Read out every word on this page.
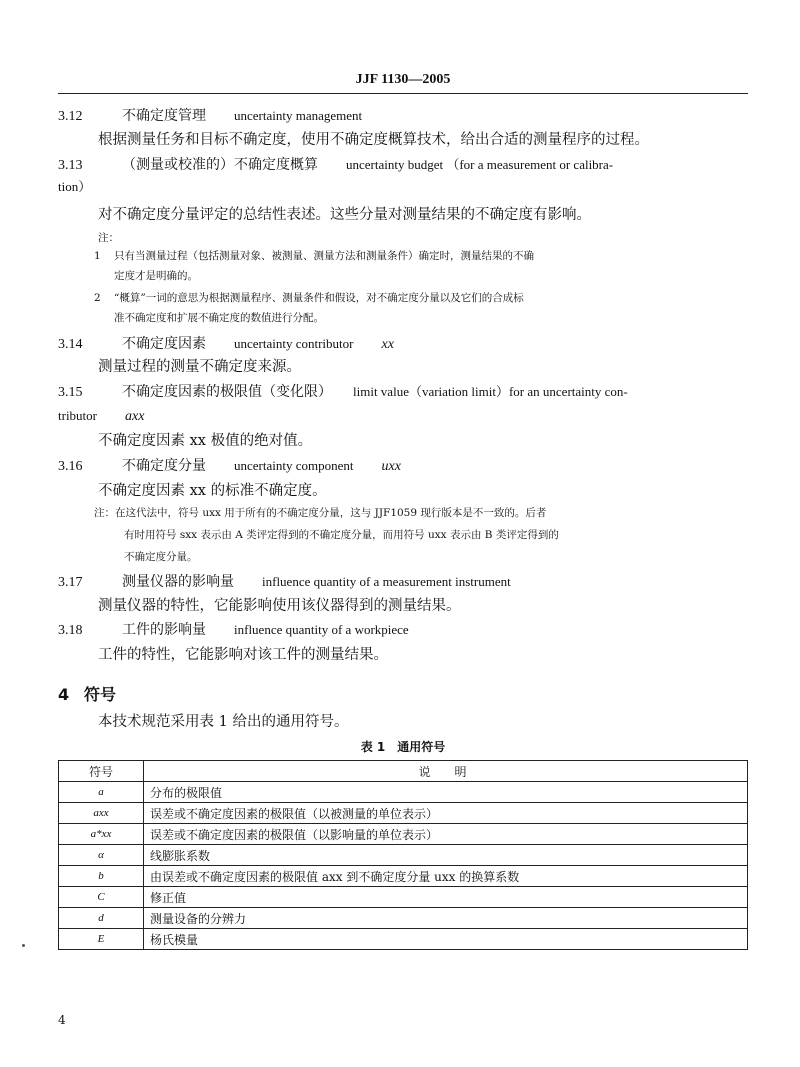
JJF 1130—2005
3.12	不确定度管理　　 uncertainty management
根据测量任务和目标不确定度，使用不确定度概算技术，给出合适的测量程序的过程。
3.13	（测量或校准的）不确定度概算　　 uncertainty budget （for a measurement or calibra-
tion）
对不确定度分量评定的总结性表述。这些分量对测量结果的不确定度有影响。
注：
1 只有当测量过程（包括测量对象、被测量、测量方法和测量条件）确定时，测量结果的不确
定度才是明确的。
2 “概算”一词的意思为根据测量程序、测量条件和假设，对不确定度分量以及它们的合成标
准不确定度和扩展不确定度的数值进行分配。
3.14	不确定度因素　　 uncertainty contributor　　 xx
测量过程的测量不确定度来源。
3.15	不确定度因素的极限值（变化限）　　 limit value（variation limit）for an uncertainty con-
tributor　　 axx
不确定度因素 xx 极值的绝对值。
3.16	不确定度分量　　 uncertainty component　　 uxx
不确定度因素 xx 的标准不确定度。
注：在这代法中，符号 uxx 用于所有的不确定度分量，这与 JJF1059 现行版本是不一致的。后者
有时用符号 sxx 表示由 A 类评定得到的不确定度分量，而用符号 uxx 表示由 B 类评定得到的
不确定度分量。
3.17	测量仪器的影响量　　 influence quantity of a measurement instrument
测量仪器的特性，它能影响使用该仪器得到的测量结果。
3.18	工件的影响量　　 influence quantity of a workpiece
工件的特性，它能影响对该工件的测量结果。
4 符号
本技术规范采用表 1 给出的通用符号。
表 1　通用符号
符号	说　明
a	分布的极限值
axx	误差或不确定度因素的极限值（以被测量的单位表示）
a*xx	误差或不确定度因素的极限值（以影响量的单位表示）
α	线膨胀系数
b	由误差或不确定度因素的极限值 axx 到不确定度分量 uxx 的换算系数
C	修正值
d	测量设备的分辨力
E	杨氏模量
4
